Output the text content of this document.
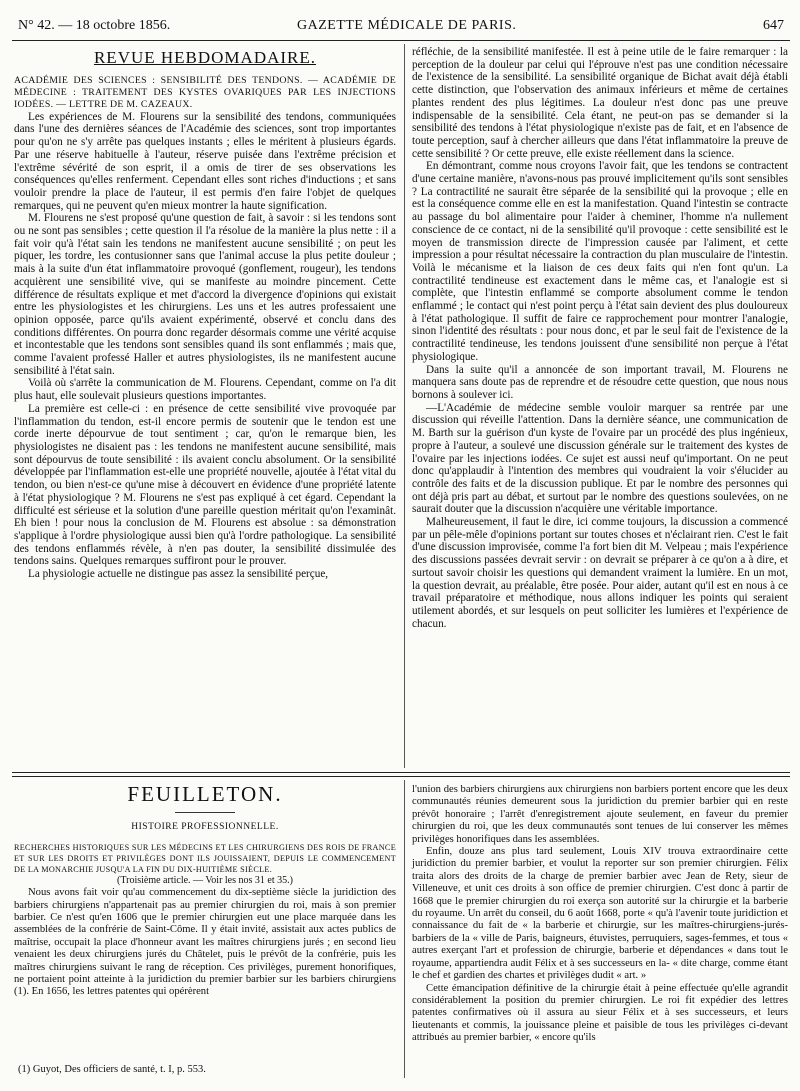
N° 42. — 18 octobre 1856.	GAZETTE MÉDICALE DE PARIS.	647
REVUE HEBDOMADAIRE.

ACADÉMIE DES SCIENCES : SENSIBILITÉ DES TENDONS. — ACADÉMIE DE MÉDECINE : TRAITEMENT DES KYSTES OVARIQUES PAR LES INJECTIONS IODÉES. — LETTRE DE M. CAZEAUX.

Les expériences de M. Flourens sur la sensibilité des tendons, communiquées dans l'une des dernières séances de l'Académie des sciences, sont trop importantes pour qu'on ne s'y arrête pas quelques instants ; elles le méritent à plusieurs égards. Par une réserve habituelle à l'auteur, réserve puisée dans l'extrême précision et l'extrême sévérité de son esprit, il a omis de tirer de ses observations les conséquences qu'elles renferment. Cependant elles sont riches d'inductions ; et sans vouloir prendre la place de l'auteur, il est permis d'en faire l'objet de quelques remarques, qui ne peuvent qu'en mieux montrer la haute signification.

M. Flourens ne s'est proposé qu'une question de fait, à savoir : si les tendons sont ou ne sont pas sensibles ; cette question il l'a résolue de la manière la plus nette : il a fait voir qu'à l'état sain les tendons ne manifestent aucune sensibilité ; on peut les piquer, les tordre, les contusionner sans que l'animal accuse la plus petite douleur ; mais à la suite d'un état inflammatoire provoqué (gonflement, rougeur), les tendons acquièrent une sensibilité vive, qui se manifeste au moindre pincement. Cette différence de résultats explique et met d'accord la divergence d'opinions qui existait entre les physiologistes et les chirurgiens. Les uns et les autres professaient une opinion opposée, parce qu'ils avaient expérimenté, observé et conclu dans des conditions différentes. On pourra donc regarder désormais comme une vérité acquise et incontestable que les tendons sont sensibles quand ils sont enflammés ; mais que, comme l'avaient professé Haller et autres physiologistes, ils ne manifestent aucune sensibilité à l'état sain.

Voilà où s'arrête la communication de M. Flourens. Cependant, comme on l'a dit plus haut, elle soulevait plusieurs questions importantes.

La première est celle-ci : en présence de cette sensibilité vive provoquée par l'inflammation du tendon, est-il encore permis de soutenir que le tendon est une corde inerte dépourvue de tout sentiment ; car, qu'on le remarque bien, les physiologistes ne disaient pas : les tendons ne manifestent aucune sensibilité, mais sont dépourvus de toute sensibilité : ils avaient conclu absolument. Or la sensibilité développée par l'inflammation est-elle une propriété nouvelle, ajoutée à l'état vital du tendon, ou bien n'est-ce qu'une mise à découvert en évidence d'une propriété latente à l'état physiologique ? M. Flourens ne s'est pas expliqué à cet égard. Cependant la difficulté est sérieuse et la solution d'une pareille question méritait qu'on l'examinât. Eh bien ! pour nous la conclusion de M. Flourens est absolue : sa démonstration s'applique à l'ordre physiologique aussi bien qu'à l'ordre pathologique. La sensibilité des tendons enflammés révèle, à n'en pas douter, la sensibilité dissimulée des tendons sains. Quelques remarques suffiront pour le prouver.

La physiologie actuelle ne distingue pas assez la sensibilité perçue,

réfléchie, de la sensibilité manifestée. Il est à peine utile de le faire remarquer : la perception de la douleur par celui qui l'éprouve n'est pas une condition nécessaire de l'existence de la sensibilité. La sensibilité organique de Bichat avait déjà établi cette distinction, que l'observation des animaux inférieurs et même de certaines plantes rendent des plus légitimes. La douleur n'est donc pas une preuve indispensable de la sensibilité. Cela étant, ne peut-on pas se demander si la sensibilité des tendons à l'état physiologique n'existe pas de fait, et en l'absence de toute perception, sauf à chercher ailleurs que dans l'état inflammatoire la preuve de cette sensibilité ? Or cette preuve, elle existe réellement dans la science.

En démontrant, comme nous croyons l'avoir fait, que les tendons se contractent d'une certaine manière, n'avons-nous pas prouvé implicitement qu'ils sont sensibles ? La contractilité ne saurait être séparée de la sensibilité qui la provoque ; elle en est la conséquence comme elle en est la manifestation. Quand l'intestin se contracte au passage du bol alimentaire pour l'aider à cheminer, l'homme n'a nullement conscience de ce contact, ni de la sensibilité qu'il provoque : cette sensibilité est le moyen de transmission directe de l'impression causée par l'aliment, et cette impression a pour résultat nécessaire la contraction du plan musculaire de l'intestin. Voilà le mécanisme et la liaison de ces deux faits qui n'en font qu'un. La contractilité tendineuse est exactement dans le même cas, et l'analogie est si complète, que l'intestin enflammé se comporte absolument comme le tendon enflammé ; le contact qui n'est point perçu à l'état sain devient des plus douloureux à l'état pathologique. Il suffit de faire ce rapprochement pour montrer l'analogie, sinon l'identité des résultats : pour nous donc, et par le seul fait de l'existence de la contractilité tendineuse, les tendons jouissent d'une sensibilité non perçue à l'état physiologique.

Dans la suite qu'il a annoncée de son important travail, M. Flourens ne manquera sans doute pas de reprendre et de résoudre cette question, que nous nous bornons à soulever ici.

—L'Académie de médecine semble vouloir marquer sa rentrée par une discussion qui réveille l'attention. Dans la dernière séance, une communication de M. Barth sur la guérison d'un kyste de l'ovaire par un procédé des plus ingénieux, propre à l'auteur, a soulevé une discussion générale sur le traitement des kystes de l'ovaire par les injections iodées. Ce sujet est aussi neuf qu'important. On ne peut donc qu'applaudir à l'intention des membres qui voudraient la voir s'élucider au contrôle des faits et de la discussion publique. Et par le nombre des personnes qui ont déjà pris part au débat, et surtout par le nombre des questions soulevées, on ne saurait douter que la discussion n'acquière une véritable importance.

Malheureusement, il faut le dire, ici comme toujours, la discussion a commencé par un pêle-mêle d'opinions portant sur toutes choses et n'éclairant rien. C'est le fait d'une discussion improvisée, comme l'a fort bien dit M. Velpeau ; mais l'expérience des discussions passées devrait servir : on devrait se préparer à ce qu'on a à dire, et surtout savoir choisir les questions qui demandent vraiment la lumière. En un mot, la question devrait, au préalable, être posée. Pour aider, autant qu'il est en nous à ce travail préparatoire et méthodique, nous allons indiquer les points qui seraient utilement abordés, et sur lesquels on peut solliciter les lumières et l'expérience de chacun.

FEUILLETON.
HISTOIRE PROFESSIONNELLE.

RECHERCHES HISTORIQUES SUR LES MÉDECINS ET LES CHIRURGIENS DES ROIS DE FRANCE ET SUR LES DROITS ET PRIVILÈGES DONT ILS JOUISSAIENT, DEPUIS LE COMMENCEMENT DE LA MONARCHIE JUSQU'A LA FIN DU DIX-HUITIÈME SIÈCLE.

(Troisième article. — Voir les nos 31 et 35.)

Nous avons fait voir qu'au commencement du dix-septième siècle la juridiction des barbiers chirurgiens n'appartenait pas au premier chirurgien du roi, mais à son premier barbier. Ce n'est qu'en 1606 que le premier chirurgien eut une place marquée dans les assemblées de la confrérie de Saint-Côme. Il y était invité, assistait aux actes publics de maîtrise, occupait la place d'honneur avant les maîtres chirurgiens jurés ; en second lieu venaient les deux chirurgiens jurés du Châtelet, puis le prévôt de la confrérie, puis les maîtres chirurgiens suivant le rang de réception. Ces privilèges, purement honorifiques, ne portaient point atteinte à la juridiction du premier barbier sur les barbiers chirurgiens (1). En 1656, les lettres patentes qui opérèrent

l'union des barbiers chirurgiens aux chirurgiens non barbiers portent encore que les deux communautés réunies demeurent sous la juridiction du premier barbier qui en reste prévôt honoraire ; l'arrêt d'enregistrement ajoute seulement, en faveur du premier chirurgien du roi, que les deux communautés sont tenues de lui conserver les mêmes privilèges honorifiques dans les assemblées.

Enfin, douze ans plus tard seulement, Louis XIV trouva extraordinaire cette juridiction du premier barbier, et voulut la reporter sur son premier chirurgien. Félix traita alors des droits de la charge de premier barbier avec Jean de Rety, sieur de Villeneuve, et unit ces droits à son office de premier chirurgien. C'est donc à partir de 1668 que le premier chirurgien du roi exerça son autorité sur la chirurgie et la barberie du royaume. Un arrêt du conseil, du 6 août 1668, porte « qu'à l'avenir toute juridiction et connaissance du fait de « la barberie et chirurgie, sur les maîtres-chirurgiens-jurés-barbiers de la « ville de Paris, baigneurs, étuvistes, perruquiers, sages-femmes, et tous « autres exerçant l'art et profession de chirurgie, barberie et dépendances « dans tout le royaume, appartiendra audit Félix et à ses successeurs en la- « dite charge, comme étant le chef et gardien des chartes et privilèges dudit « art. »

Cette émancipation définitive de la chirurgie était à peine effectuée qu'elle agrandit considérablement la position du premier chirurgien. Le roi fit expédier des lettres patentes confirmatives où il assura au sieur Félix et à ses successeurs, et leurs lieutenants et commis, la jouissance pleine et paisible de tous les privilèges ci-devant attribués au premier barbier, « encore qu'ils

(1) Guyot, Des officiers de santé, t. I, p. 553.
